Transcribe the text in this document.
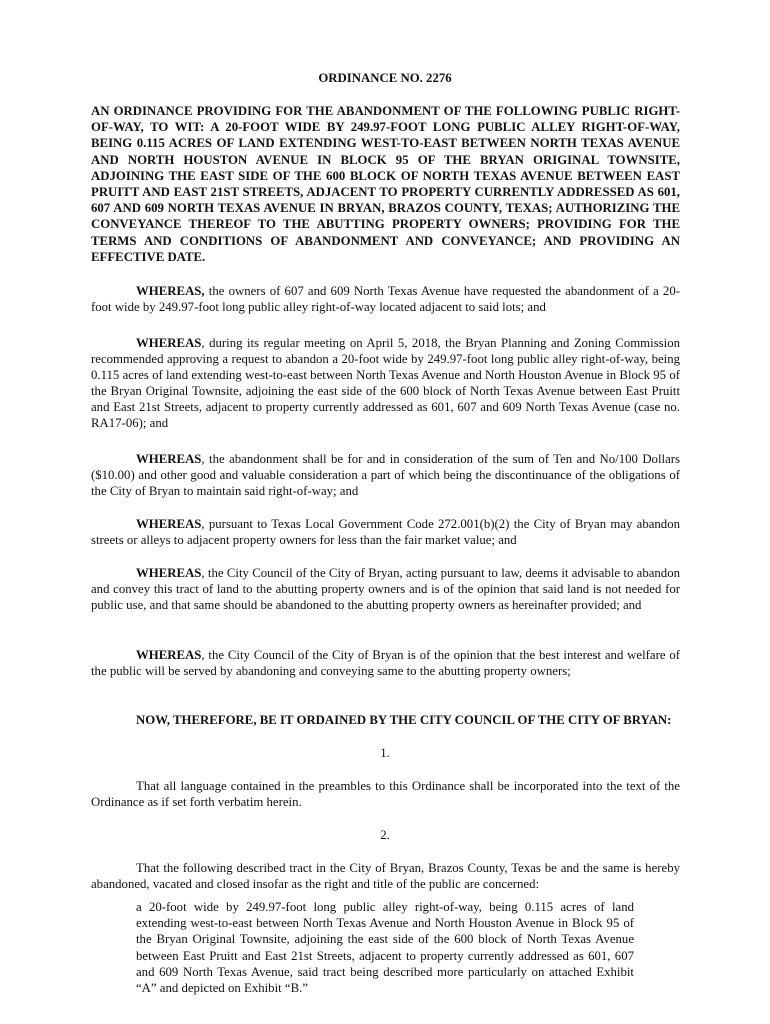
ORDINANCE NO. 2276
AN ORDINANCE PROVIDING FOR THE ABANDONMENT OF THE FOLLOWING PUBLIC RIGHT-OF-WAY, TO WIT: A 20-FOOT WIDE BY 249.97-FOOT LONG PUBLIC ALLEY RIGHT-OF-WAY, BEING 0.115 ACRES OF LAND EXTENDING WEST-TO-EAST BETWEEN NORTH TEXAS AVENUE AND NORTH HOUSTON AVENUE IN BLOCK 95 OF THE BRYAN ORIGINAL TOWNSITE, ADJOINING THE EAST SIDE OF THE 600 BLOCK OF NORTH TEXAS AVENUE BETWEEN EAST PRUITT AND EAST 21ST STREETS, ADJACENT TO PROPERTY CURRENTLY ADDRESSED AS 601, 607 AND 609 NORTH TEXAS AVENUE IN BRYAN, BRAZOS COUNTY, TEXAS; AUTHORIZING THE CONVEYANCE THEREOF TO THE ABUTTING PROPERTY OWNERS; PROVIDING FOR THE TERMS AND CONDITIONS OF ABANDONMENT AND CONVEYANCE; AND PROVIDING AN EFFECTIVE DATE.
WHEREAS, the owners of 607 and 609 North Texas Avenue have requested the abandonment of a 20-foot wide by 249.97-foot long public alley right-of-way located adjacent to said lots; and
WHEREAS, during its regular meeting on April 5, 2018, the Bryan Planning and Zoning Commission recommended approving a request to abandon a 20-foot wide by 249.97-foot long public alley right-of-way, being 0.115 acres of land extending west-to-east between North Texas Avenue and North Houston Avenue in Block 95 of the Bryan Original Townsite, adjoining the east side of the 600 block of North Texas Avenue between East Pruitt and East 21st Streets, adjacent to property currently addressed as 601, 607 and 609 North Texas Avenue (case no. RA17-06); and
WHEREAS, the abandonment shall be for and in consideration of the sum of Ten and No/100 Dollars ($10.00) and other good and valuable consideration a part of which being the discontinuance of the obligations of the City of Bryan to maintain said right-of-way; and
WHEREAS, pursuant to Texas Local Government Code 272.001(b)(2) the City of Bryan may abandon streets or alleys to adjacent property owners for less than the fair market value; and
WHEREAS, the City Council of the City of Bryan, acting pursuant to law, deems it advisable to abandon and convey this tract of land to the abutting property owners and is of the opinion that said land is not needed for public use, and that same should be abandoned to the abutting property owners as hereinafter provided; and
WHEREAS, the City Council of the City of Bryan is of the opinion that the best interest and welfare of the public will be served by abandoning and conveying same to the abutting property owners;
NOW, THEREFORE, BE IT ORDAINED BY THE CITY COUNCIL OF THE CITY OF BRYAN:
1.
That all language contained in the preambles to this Ordinance shall be incorporated into the text of the Ordinance as if set forth verbatim herein.
2.
That the following described tract in the City of Bryan, Brazos County, Texas be and the same is hereby abandoned, vacated and closed insofar as the right and title of the public are concerned:
a 20-foot wide by 249.97-foot long public alley right-of-way, being 0.115 acres of land extending west-to-east between North Texas Avenue and North Houston Avenue in Block 95 of the Bryan Original Townsite, adjoining the east side of the 600 block of North Texas Avenue between East Pruitt and East 21st Streets, adjacent to property currently addressed as 601, 607 and 609 North Texas Avenue, said tract being described more particularly on attached Exhibit “A” and depicted on Exhibit “B.”
